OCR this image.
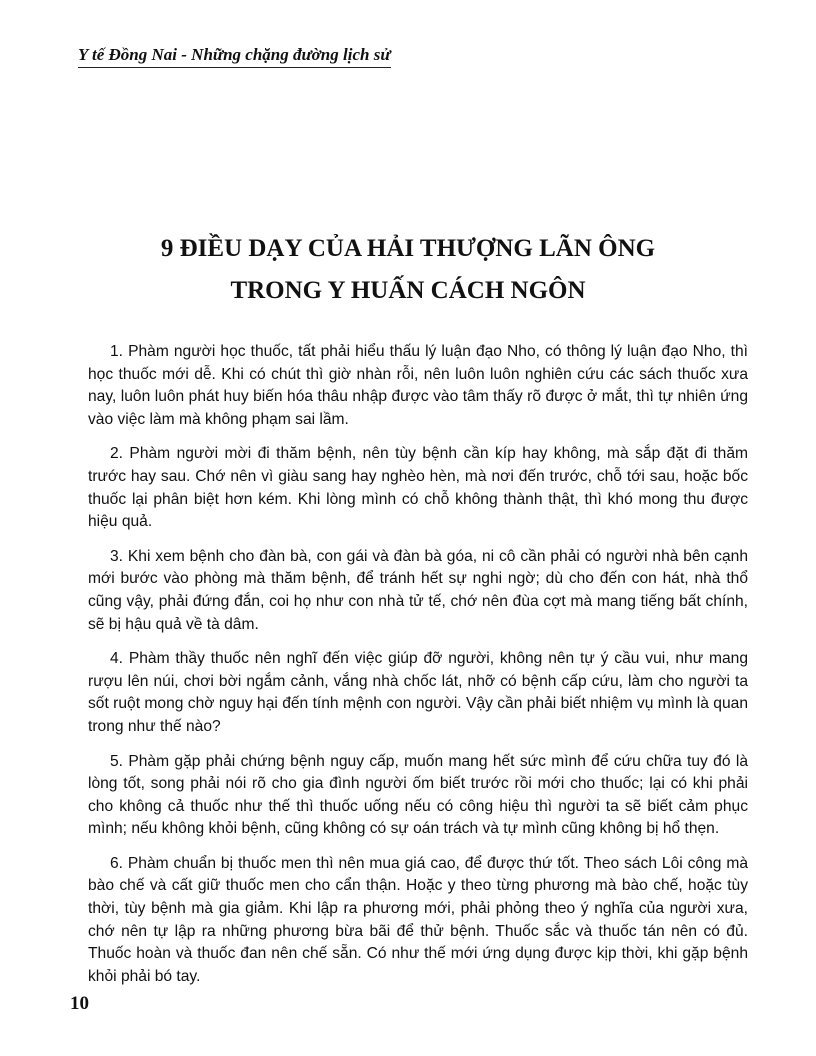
Y tế Đồng Nai - Những chặng đường lịch sử
9 ĐIỀU DẠY CỦA HẢI THƯỢNG LÃN ÔNG
TRONG Y HUẤN CÁCH NGÔN

1. Phàm người học thuốc, tất phải hiểu thấu lý luận đạo Nho, có thông lý luận đạo Nho, thì học thuốc mới dễ. Khi có chút thì giờ nhàn rỗi, nên luôn luôn nghiên cứu các sách thuốc xưa nay, luôn luôn phát huy biến hóa thâu nhập được vào tâm thấy rõ được ở mắt, thì tự nhiên ứng vào việc làm mà không phạm sai lầm.

2. Phàm người mời đi thăm bệnh, nên tùy bệnh cần kíp hay không, mà sắp đặt đi thăm trước hay sau. Chớ nên vì giàu sang hay nghèo hèn, mà nơi đến trước, chỗ tới sau, hoặc bốc thuốc lại phân biệt hơn kém. Khi lòng mình có chỗ không thành thật, thì khó mong thu được hiệu quả.

3. Khi xem bệnh cho đàn bà, con gái và đàn bà góa, ni cô cần phải có người nhà bên cạnh mới bước vào phòng mà thăm bệnh, để tránh hết sự nghi ngờ; dù cho đến con hát, nhà thổ cũng vậy, phải đứng đắn, coi họ như con nhà tử tế, chớ nên đùa cợt mà mang tiếng bất chính, sẽ bị hậu quả về tà dâm.

4. Phàm thầy thuốc nên nghĩ đến việc giúp đỡ người, không nên tự ý cầu vui, như mang rượu lên núi, chơi bời ngắm cảnh, vắng nhà chốc lát, nhỡ có bệnh cấp cứu, làm cho người ta sốt ruột mong chờ nguy hại đến tính mệnh con người. Vậy cần phải biết nhiệm vụ mình là quan trong như thế nào?

5. Phàm gặp phải chứng bệnh nguy cấp, muốn mang hết sức mình để cứu chữa tuy đó là lòng tốt, song phải nói rõ cho gia đình người ốm biết trước rồi mới cho thuốc; lại có khi phải cho không cả thuốc như thế thì thuốc uống nếu có công hiệu thì người ta sẽ biết cảm phục mình; nếu không khỏi bệnh, cũng không có sự oán trách và tự mình cũng không bị hổ thẹn.

6. Phàm chuẩn bị thuốc men thì nên mua giá cao, để được thứ tốt. Theo sách Lôi công mà bào chế và cất giữ thuốc men cho cẩn thận. Hoặc y theo từng phương mà bào chế, hoặc tùy thời, tùy bệnh mà gia giảm. Khi lập ra phương mới, phải phỏng theo ý nghĩa của người xưa, chớ nên tự lập ra những phương bừa bãi để thử bệnh. Thuốc sắc và thuốc tán nên có đủ. Thuốc hoàn và thuốc đan nên chế sẵn. Có như thế mới ứng dụng được kịp thời, khi gặp bệnh khỏi phải bó tay.

10
